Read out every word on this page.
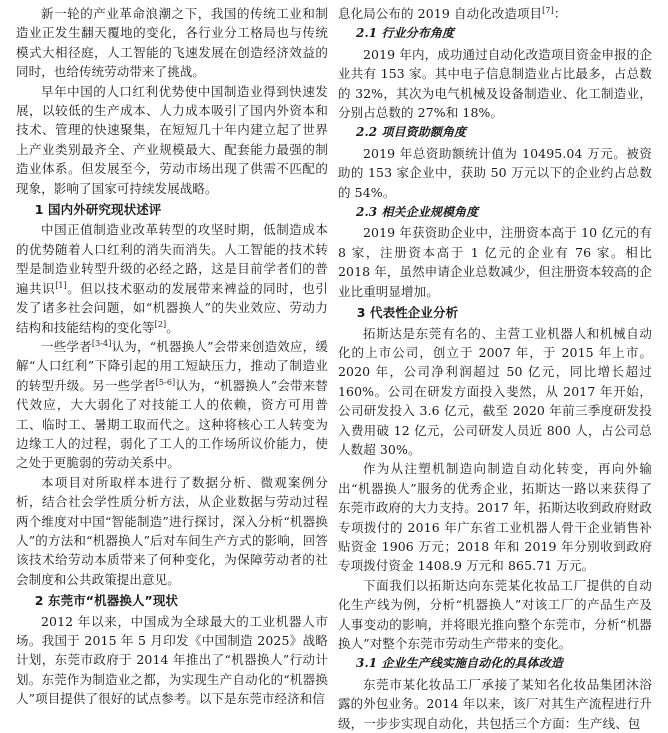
新一轮的产业革命浪潮之下，我国的传统工业和制造业正发生翻天覆地的变化，各行业分工格局也与传统模式大相径庭，人工智能的飞速发展在创造经济效益的同时，也给传统劳动带来了挑战。

早年中国的人口红利优势使中国制造业得到快速发展，以较低的生产成本、人力成本吸引了国内外资本和技术、管理的快速聚集，在短短几十年内建立起了世界上产业类别最齐全、产业规模最大、配套能力最强的制造业体系。但发展至今，劳动市场出现了供需不匹配的现象，影响了国家可持续发展战略。

1 国内外研究现状述评

中国正值制造业改革转型的攻坚时期，低制造成本的优势随着人口红利的消失而消失。人工智能的技术转型是制造业转型升级的必经之路，这是目前学者们的普遍共识[1]。但以技术驱动的发展带来裨益的同时，也引发了诸多社会问题，如“机器换人”的失业效应、劳动力结构和技能结构的变化等[2]。

一些学者[3-4]认为，“机器换人”会带来创造效应，缓解“人口红利”下降引起的用工短缺压力，推动了制造业的转型升级。另一些学者[5-6]认为，“机器换人”会带来替代效应，大大弱化了对技能工人的依赖，资方可用普工、临时工、暑期工取而代之。这种将核心工人转变为边缘工人的过程，弱化了工人的工作场所议价能力，使之处于更脆弱的劳动关系中。

本项目对所取样本进行了数据分析、微观案例分析，结合社会学性质分析方法，从企业数据与劳动过程两个维度对中国“智能制造”进行探讨，深入分析“机器换人”的方法和“机器换人”后对车间生产方式的影响，回答该技术给劳动本质带来了何种变化，为保障劳动者的社会制度和公共政策提出意见。

2 东莞市“机器换人”现状

2012 年以来，中国成为全球最大的工业机器人市场。我国于 2015 年 5 月印发《中国制造 2025》战略计划，东莞市政府于 2014 年推出了“机器换人”行动计划。东莞作为制造业之都，为实现生产自动化的“机器换人”项目提供了很好的试点参考。以下是东莞市经济和信

息化局公布的 2019 自动化改造项目[7]：

2.1 行业分布角度

2019 年内，成功通过自动化改造项目资金申报的企业共有 153 家。其中电子信息制造业占比最多，占总数的 32%，其次为电气机械及设备制造业、化工制造业，分别占总数的 27%和 18%。

2.2 项目资助额角度

2019 年总资助额统计值为 10495.04 万元。被资助的 153 家企业中，获助 50 万元以下的企业约占总数的 54%。

2.3 相关企业规模角度

2019 年获资助企业中，注册资本高于 10 亿元的有 8 家，注册资本高于 1 亿元的企业有 76 家。相比 2018 年，虽然申请企业总数减少，但注册资本较高的企业比重明显增加。

3 代表性企业分析

拓斯达是东莞有名的、主营工业机器人和机械自动化的上市公司，创立于 2007 年，于 2015 年上市。2020 年，公司净利润超过 50 亿元，同比增长超过 160%。公司在研发方面投入斐然，从 2017 年开始，公司研发投入 3.6 亿元，截至 2020 年前三季度研发投入费用破 12 亿元，公司研发人员近 800 人，占公司总人数超 30%。

作为从注塑机制造向制造自动化转变，再向外输出“机器换人”服务的优秀企业，拓斯达一路以来获得了东莞市政府的大力支持。2017 年，拓斯达收到政府财政专项拨付的 2016 年广东省工业机器人骨干企业销售补贴资金 1906 万元；2018 年和 2019 年分别收到政府专项拨付资金 1408.9 万元和 865.71 万元。

下面我们以拓斯达向东莞某化妆品工厂提供的自动化生产线为例，分析“机器换人”对该工厂的产品生产及人事变动的影响，并将眼光推向整个东莞市，分析“机器换人”对整个东莞市劳动生产带来的变化。

3.1 企业生产线实施自动化的具体改造

东莞市某化妆品工厂承接了某知名化妆品集团沐浴露的外包业务。2014 年以来，该厂对其生产流程进行升级，一步步实现自动化，共包括三个方面：生产线、包
